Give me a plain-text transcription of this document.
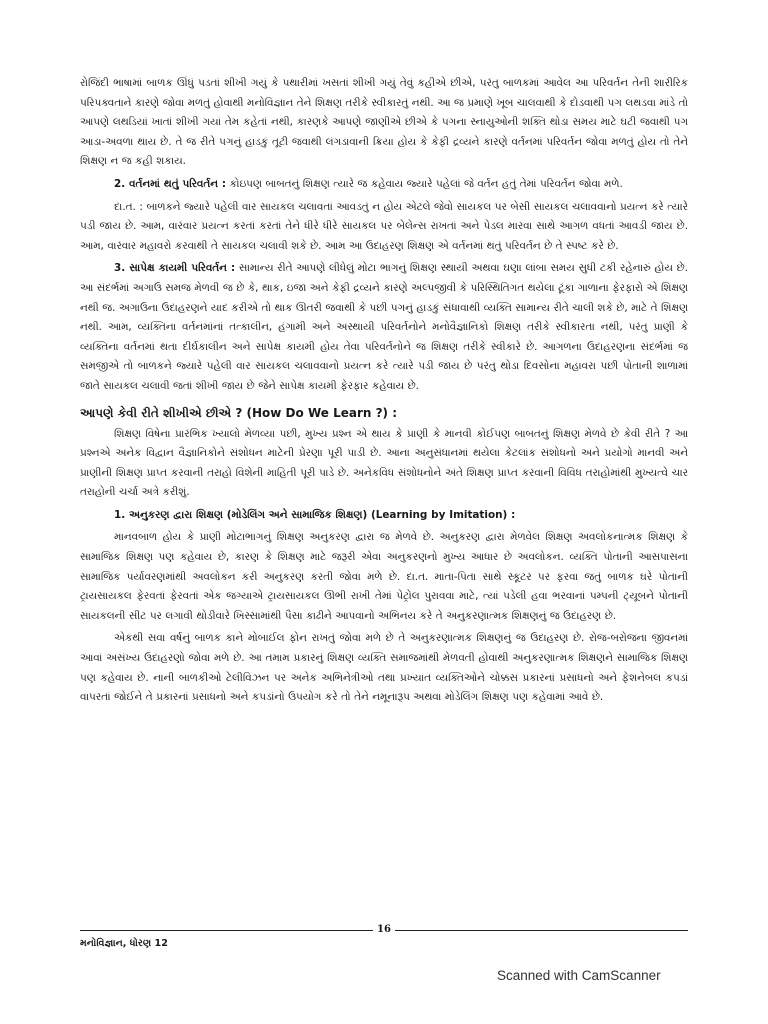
રોજિંદી ભાષામાં બાળક ઊંધું પડતાં શીખી ગયું કે પથારીમાં ખસતાં શીખી ગયું તેવું કહીએ છીએ, પરંતુ બાળકમાં આવેલ આ પરિવર્તન તેની શારીરિક પરિપક્વતાને કારણે જોવા મળતું હોવાથી મનોવિજ્ઞાન તેને શિક્ષણ તરીકે સ્વીકારતું નથી. આ જ પ્રમાણે ખૂબ ચાલવાથી કે દોડવાથી પગ લથડવા માંડે તો આપણે લથડિયાં ખાતાં શીખી ગયાં તેમ કહેતાં નથી, કારણકે આપણે જાણીએ છીએ કે પગના સ્નાયુઓની શક્તિ થોડા સમય માટે ઘટી જવાથી પગ આડા-અવળા થાય છે. તે જ રીતે પગનું હાડકું તૂટી જવાથી લંગડાવાની ક્રિયા હોય કે કેફી દ્રવ્યને કારણે વર્તનમાં પરિવર્તન જોવા મળતું હોય તો તેને શિક્ષણ ન જ કહી શકાય.

2. વર્તનમાં થતું પરિવર્તન : કોઇપણ બાબતનું શિક્ષણ ત્યારે જ કહેવાય જ્યારે પહેલાં જે વર્તન હતું તેમાં પરિવર્તન જોવા મળે.

દા.ત. : બાળકને જ્યારે પહેલી વાર સાયકલ ચલાવતાં આવડતું ન હોય એટલે જેવો સાયકલ પર બેસી સાયકલ ચલાવવાનો પ્રયત્ન કરે ત્યારે પડી જાય છે. આમ, વારંવાર પ્રયત્ન કરતાં કરતાં તેને ધીરે ધીરે સાયકલ પર બેલેન્સ રાખતાં અને પેડલ મારવા સાથે આગળ વધતાં આવડી જાય છે. આમ, વારંવાર મહાવરો કરવાથી તે સાયકલ ચલાવી શકે છે. આમ આ ઉદાહરણ શિક્ષણ એ વર્તનમાં થતું પરિવર્તન છે તે સ્પષ્ટ કરે છે.

3. સાપેક્ષ કાયમી પરિવર્તન : સામાન્ય રીતે આપણે લીધેલું મોટા ભાગનું શિક્ષણ સ્થાયી અથવા ઘણા લાંબા સમય સુધી ટકી રહેનારું હોય છે. આ સંદર્ભમાં અગાઉ સમજ મેળવી જ છે કે, થાક, ઇજા અને કેફી દ્રવ્યને કારણે અલ્પજીવી કે પરિસ્થિતિગત થયેલા ટૂંકા ગાળાના ફેરફારો એ શિક્ષણ નથી જ. અગાઉના ઉદાહરણને યાદ કરીએ તો થાક ઊતરી જવાથી કે પછી પગનું હાડકું સંધાવાથી વ્યક્તિ સામાન્ય રીતે ચાલી શકે છે, માટે તે શિક્ષણ નથી. આમ, વ્યક્તિના વર્તનમાંનાં તત્કાલીન, હંગામી અને અસ્થાયી પરિવર્તનોને મનોવૈજ્ઞાનિકો શિક્ષણ તરીકે સ્વીકારતા નથી, પરંતુ પ્રાણી કે વ્યક્તિના વર્તનમાં થતા દીર્ઘકાલીન અને સાપેક્ષ કાયમી હોય તેવા પરિવર્તનોને જ શિક્ષણ તરીકે સ્વીકારે છે. આગળના ઉદાહરણના સંદર્ભમાં જ સમજીએ તો બાળકને જ્યારે પહેલી વાર સાયકલ ચલાવવાનો પ્રયત્ન કરે ત્યારે પડી જાય છે પરંતુ થોડા દિવસોના મહાવરા પછી પોતાની શાળામાં જાતે સાયકલ ચલાવી જતાં શીખી જાય છે જેને સાપેક્ષ કાયમી ફેરફાર કહેવાય છે.

આપણે કેવી રીતે શીખીએ છીએ ? (How Do We Learn ?) :

શિક્ષણ વિષેના પ્રારંભિક ખ્યાલો મેળવ્યા પછી, મુખ્ય પ્રશ્ન એ થાય કે પ્રાણી કે માનવી કોઈપણ બાબતનું શિક્ષણ મેળવે છે કેવી રીતે ? આ પ્રશ્નએ અનેક વિદ્વાન વૈજ્ઞાનિકોને સંશોધન માટેની પ્રેરણા પૂરી પાડી છે. આના અનુસંધાનમાં થયેલા કેટલાંક સંશોધનો અને પ્રયોગો માનવી અને પ્રાણીની શિક્ષણ પ્રાપ્ત કરવાની તરાહો વિશેની માહિતી પૂરી પાડે છે. અનેકવિધ સંશોધનોને અંતે શિક્ષણ પ્રાપ્ત કરવાની વિવિધ તરાહોમાંથી મુખ્યત્વે ચાર તરાહોની ચર્ચા અત્રે કરીશું.

1. અનુકરણ દ્વારા શિક્ષણ (મોડેલિંગ અને સામાજિક શિક્ષણ) (Learning by Imitation) :

માનવબાળ હોય કે પ્રાણી મોટાભાગનું શિક્ષણ અનુકરણ દ્વારા જ મેળવે છે. અનુકરણ દ્વારા મેળવેલ શિક્ષણ અવલોકનાત્મક શિક્ષણ કે સામાજિક શિક્ષણ પણ કહેવાય છે, કારણ કે શિક્ષણ માટે જરૂરી એવા અનુકરણનો મુખ્ય આધાર છે અવલોકન. વ્યક્તિ પોતાની આસપાસના સામાજિક પર્યાવરણમાંથી અવલોકન કરી અનુકરણ કરતી જોવા મળે છે. દા.ત. માતા-પિતા સાથે સ્કૂટર પર ફરવા જતું બાળક ઘરે પોતાની ટ્રાયસાયકલ ફેરવતાં ફેરવતાં એક જગ્યાએ ટ્રાયસાયકલ ઊભી રાખી તેમાં પેટ્રોલ પુરાવવા માટે, ત્યાં પડેલી હવા ભરવાનાં પમ્પની ટ્યૂબને પોતાની સાયકલની સીટ પર લગાવી થોડીવારે ખિસ્સામાંથી પૈસા કાઢીને આપવાનો અભિનય કરે તે અનુકરણાત્મક શિક્ષણનું જ ઉદાહરણ છે.

એકથી સવા વર્ષનું બાળક કાને મોબાઈલ ફોન રાખતું જોવા મળે છે તે અનુકરણાત્મક શિક્ષણનું જ ઉદાહરણ છે. રોજ-બરોજના જીવનમાં આવાં અસંખ્ય ઉદાહરણો જોવા મળે છે. આ તમામ પ્રકારનું શિક્ષણ વ્યક્તિ સમાજમાંથી મેળવતી હોવાથી અનુકરણાત્મક શિક્ષણને સામાજિક શિક્ષણ પણ કહેવાય છે. નાની બાળકીઓ ટેલીવિઝન પર અનેક અભિનેત્રીઓ તથા પ્રખ્યાત વ્યક્તિઓને ચોક્કસ પ્રકારનાં પ્રસાધનો અને ફેશનેબલ કપડાં વાપરતાં જોઈને તે પ્રકારનાં પ્રસાધનો અને કપડાંનો ઉપયોગ કરે તો તેને નમૂનારૂપ અથવા મોડેલિંગ શિક્ષણ પણ કહેવામાં આવે છે.

16
મનોવિજ્ઞાન, ધોરણ 12
Scanned with CamScanner
